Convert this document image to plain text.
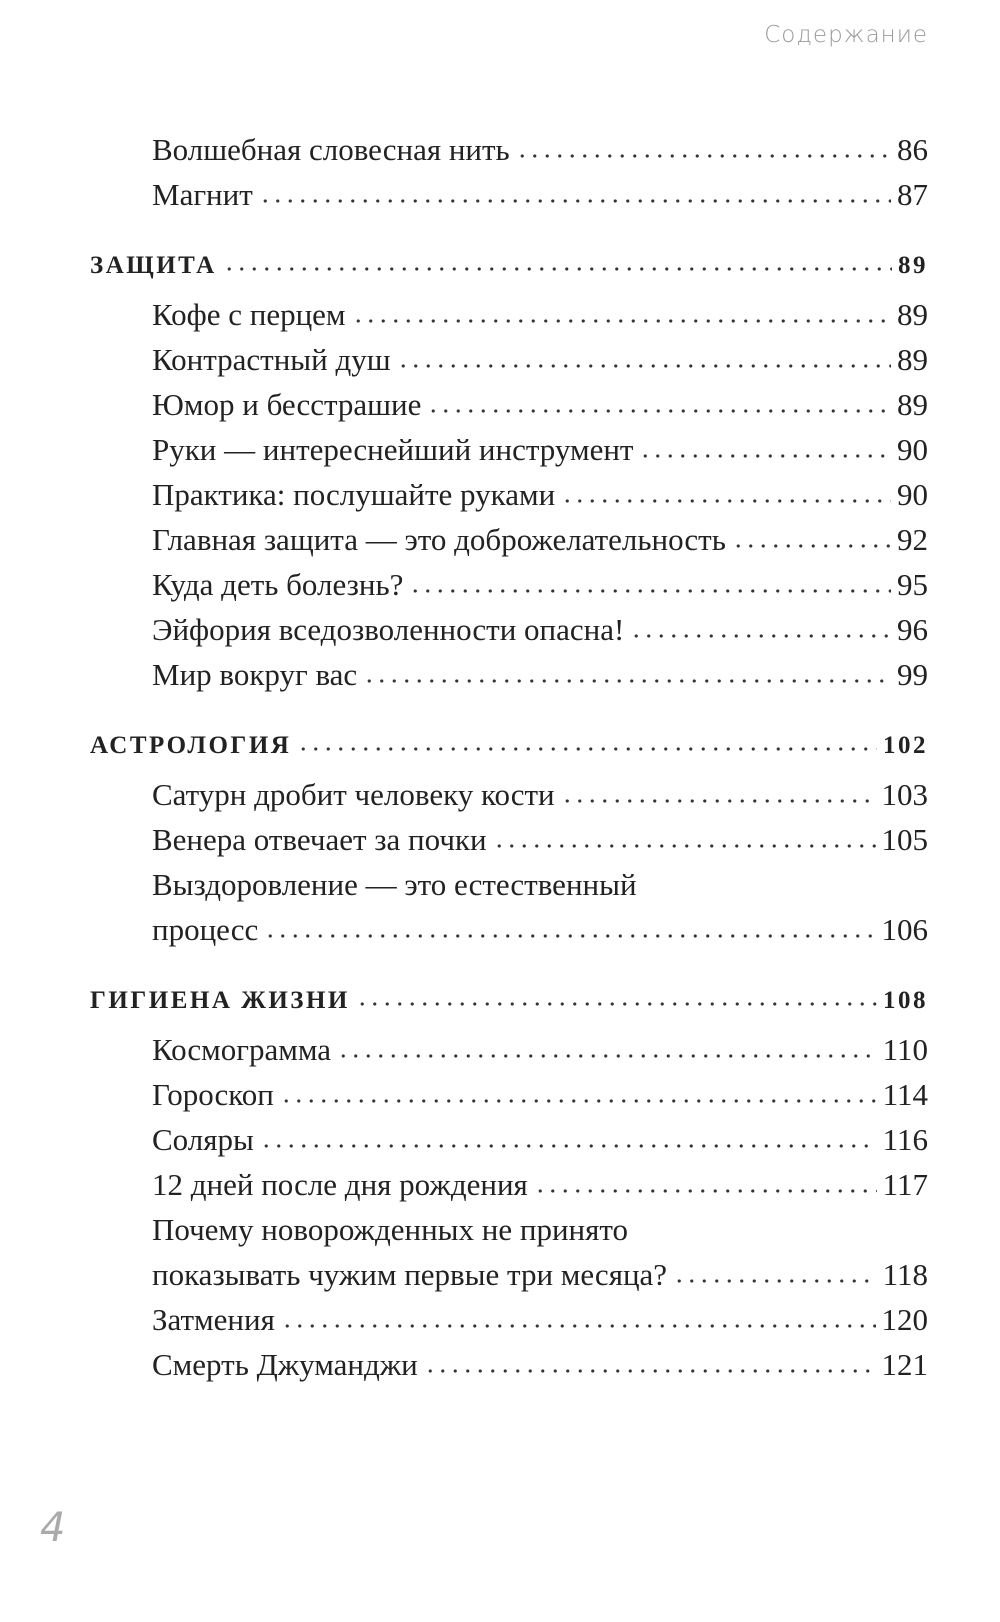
Содержание
Волшебная словесная нить	86
Магнит	87
ЗАЩИТА	89
Кофе с перцем	89
Контрастный душ	89
Юмор и бесстрашие	89
Руки — интереснейший инструмент	90
Практика: послушайте руками	90
Главная защита — это доброжелательность	92
Куда деть болезнь?	95
Эйфория вседозволенности опасна!	96
Мир вокруг вас	99
АСТРОЛОГИЯ	102
Сатурн дробит человеку кости	103
Венера отвечает за почки	105
Выздоровление — это естественный
процесс	106
ГИГИЕНА ЖИЗНИ	108
Космограмма	110
Гороскоп	114
Соляры	116
12 дней после дня рождения	117
Почему новорожденных не принято
показывать чужим первые три месяца?	118
Затмения	120
Смерть Джуманджи	121
4
